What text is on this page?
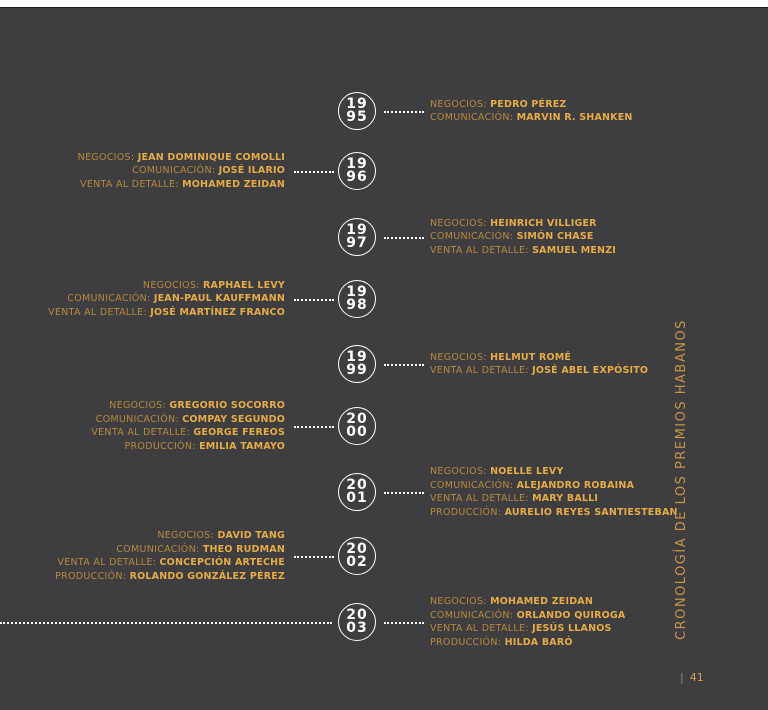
19
95
NEGOCIOS: PEDRO PÉREZ
COMUNICACIÓN: MARVIN R. SHANKEN
19
96
NEGOCIOS: JEAN DOMINIQUE COMOLLI
COMUNICACIÓN: JOSÉ ILARIO
VENTA AL DETALLE: MOHAMED ZEIDAN
19
97
NEGOCIOS: HEINRICH VILLIGER
COMUNICACIÓN: SIMÓN CHASE
VENTA AL DETALLE: SAMUEL MENZI
19
98
NEGOCIOS: RAPHAEL LEVY
COMUNICACIÓN: JEAN-PAUL KAUFFMANN
VENTA AL DETALLE: JOSÉ MARTÍNEZ FRANCO
19
99
NEGOCIOS: HELMUT ROMÉ
VENTA AL DETALLE: JOSÉ ABEL EXPÓSITO
20
00
NEGOCIOS: GREGORIO SOCORRO
COMUNICACIÓN: COMPAY SEGUNDO
VENTA AL DETALLE: GEORGE FEREOS
PRODUCCIÓN: EMILIA TAMAYO
20
01
NEGOCIOS: NOELLE LEVY
COMUNICACIÓN: ALEJANDRO ROBAINA
VENTA AL DETALLE: MARY BALLI
PRODUCCIÓN: AURELIO REYES SANTIESTEBAN
20
02
NEGOCIOS: DAVID TANG
COMUNICACIÓN: THEO RUDMAN
VENTA AL DETALLE: CONCEPCIÓN ARTECHE
PRODUCCIÓN: ROLANDO GONZÁLEZ PÉREZ
20
03
NEGOCIOS: MOHAMED ZEIDAN
COMUNICACIÓN: ORLANDO QUIROGA
VENTA AL DETALLE: JESÚS LLANOS
PRODUCCIÓN: HILDA BARÓ
CRONOLOGÍA DE LOS PREMIOS HABANOS
| 41
